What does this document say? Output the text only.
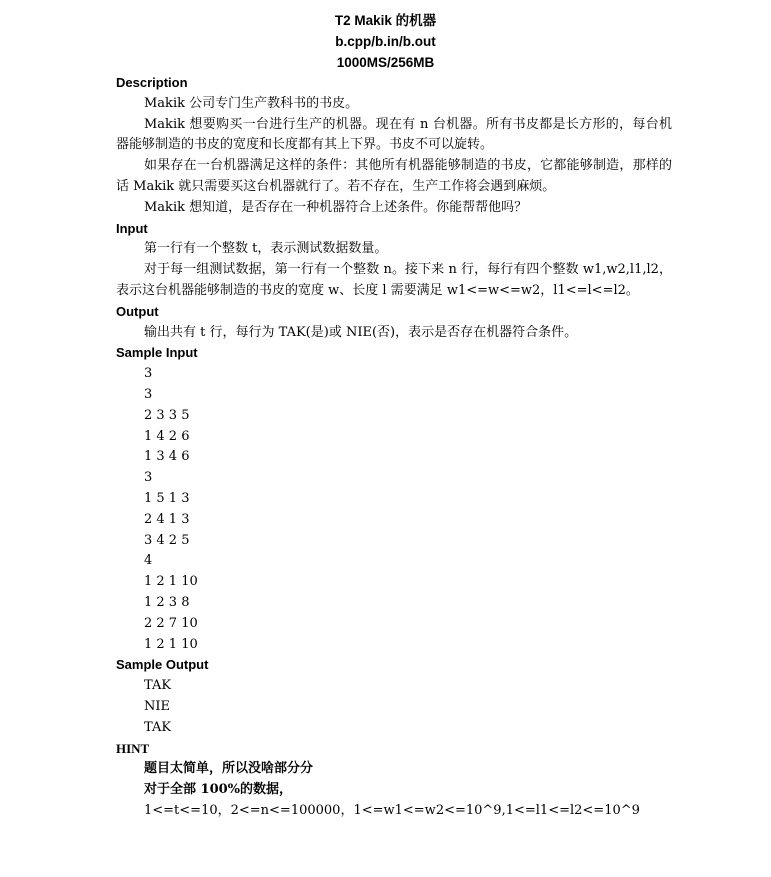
T2 Makik 的机器
b.cpp/b.in/b.out
1000MS/256MB
Description

Makik 公司专门生产教科书的书皮。

Makik 想要购买一台进行生产的机器。现在有 n 台机器。所有书皮都是长方形的，每台机器能够制造的书皮的宽度和长度都有其上下界。书皮不可以旋转。

如果存在一台机器满足这样的条件：其他所有机器能够制造的书皮，它都能够制造，那样的话 Makik 就只需要买这台机器就行了。若不存在，生产工作将会遇到麻烦。

Makik 想知道，是否存在一种机器符合上述条件。你能帮帮他吗？

Input

第一行有一个整数 t，表示测试数据数量。

对于每一组测试数据，第一行有一个整数 n。接下来 n 行，每行有四个整数 w1,w2,l1,l2，表示这台机器能够制造的书皮的宽度 w、长度 l 需要满足 w1<=w<=w2，l1<=l<=l2。

Output

输出共有 t 行，每行为 TAK(是)或 NIE(否)，表示是否存在机器符合条件。

Sample Input

3

3

2 3 3 5

1 4 2 6

1 3 4 6

3

1 5 1 3

2 4 1 3

3 4 2 5

4

1 2 1 10

1 2 3 8

2 2 7 10

1 2 1 10

Sample Output

TAK

NIE

TAK

HINT

题目太简单，所以没啥部分分

对于全部 100%的数据，

1<=t<=10，2<=n<=100000，1<=w1<=w2<=10^9,1<=l1<=l2<=10^9
